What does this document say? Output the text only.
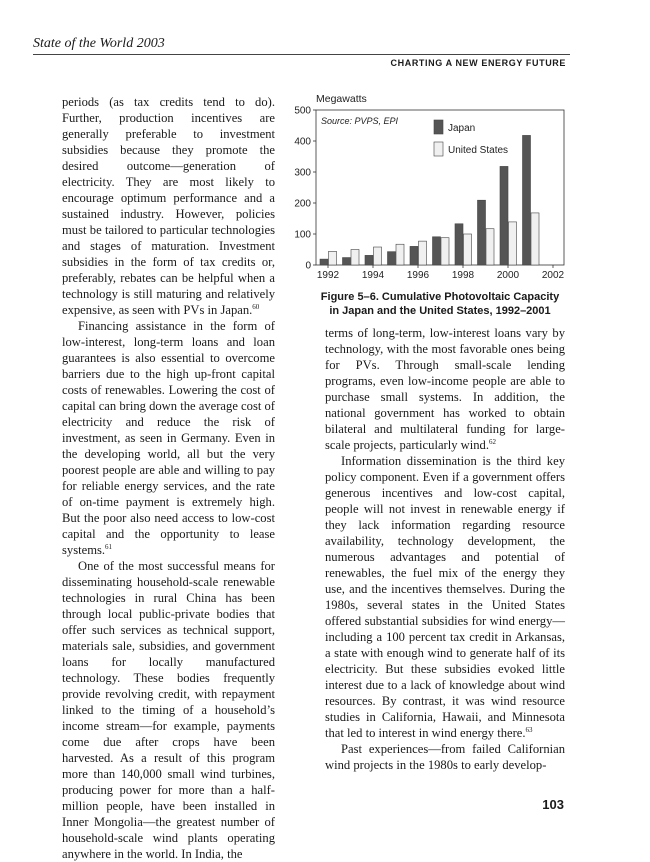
State of the World 2003
CHARTING A NEW ENERGY FUTURE

periods (as tax credits tend to do). Further, production incentives are generally preferable to investment subsidies because they promote the desired outcome—generation of electricity. They are most likely to encourage optimum performance and a sustained industry. However, policies must be tailored to particular technologies and stages of maturation. Investment subsidies in the form of tax credits or, preferably, rebates can be helpful when a technology is still maturing and relatively expensive, as seen with PVs in Japan.$^{60}$

Financing assistance in the form of low-interest, long-term loans and loan guarantees is also essential to overcome barriers due to the high up-front capital costs of renewables. Lowering the cost of capital can bring down the average cost of electricity and reduce the risk of investment, as seen in Germany. Even in the developing world, all but the very poorest people are able and willing to pay for reliable energy services, and the rate of on-time payment is extremely high. But the poor also need access to low-cost capital and the opportunity to lease systems.$^{61}$

One of the most successful means for disseminating household-scale renewable technologies in rural China has been through local public-private bodies that offer such services as technical support, materials sale, subsidies, and government loans for locally manufactured technology. These bodies frequently provide revolving credit, with repayment linked to the timing of a household’s income stream—for example, payments come due after crops have been harvested. As a result of this program more than 140,000 small wind turbines, producing power for more than a half-million people, have been installed in Inner Mongolia—the greatest number of household-scale wind plants operating anywhere in the world. In India, the

0
100
200
300
400
500
Megawatts
Source: PVPS, EPI
1992 1994 1996 1998 2000 2002
Japan
United States
Figure 5–6. Cumulative Photovoltaic Capacity
in Japan and the United States, 1992–2001

terms of long-term, low-interest loans vary by technology, with the most favorable ones being for PVs. Through small-scale lending programs, even low-income people are able to purchase small systems. In addition, the national government has worked to obtain bilateral and multilateral funding for large-scale projects, particularly wind.$^{62}$

Information dissemination is the third key policy component. Even if a government offers generous incentives and low-cost capital, people will not invest in renewable energy if they lack information regarding resource availability, technology development, the numerous advantages and potential of renewables, the fuel mix of the energy they use, and the incentives themselves. During the 1980s, several states in the United States offered substantial subsidies for wind energy—including a 100 percent tax credit in Arkansas, a state with enough wind to generate half of its electricity. But these subsidies evoked little interest due to a lack of knowledge about wind resources. By contrast, it was wind resource studies in California, Hawaii, and Minnesota that led to interest in wind energy there.$^{63}$

Past experiences—from failed Californian wind projects in the 1980s to early develop-

103
